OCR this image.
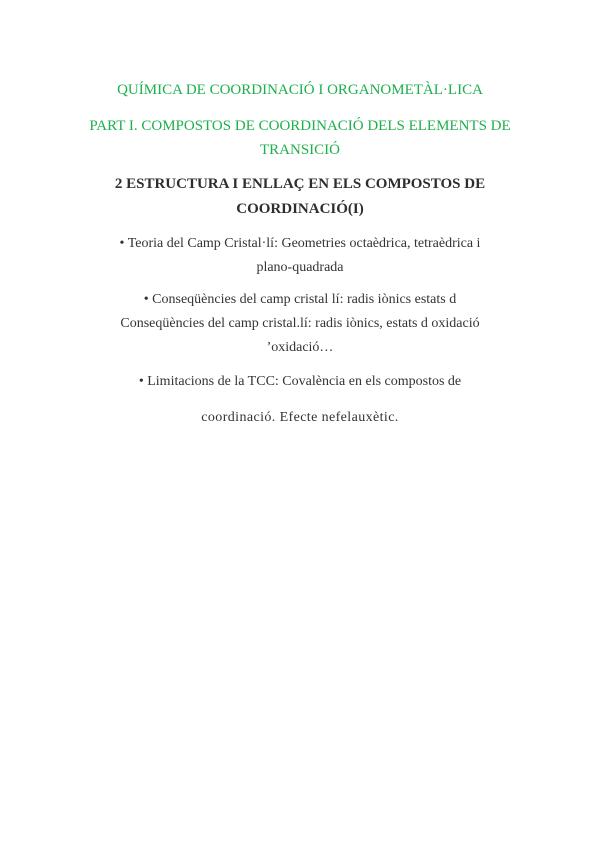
QUÍMICA DE COORDINACIÓ I ORGANOMETÀL·LICA
PART I. COMPOSTOS DE COORDINACIÓ DELS ELEMENTS DE
TRANSICIÓ
2 ESTRUCTURA I ENLLAÇ EN ELS COMPOSTOS DE
COORDINACIÓ(I)
• Teoria del Camp Cristal·lí: Geometries octaèdrica, tetraèdrica i
plano-quadrada
• Conseqüències del camp cristal lí: radis iònics estats d
Conseqüències del camp cristal.lí: radis iònics, estats d oxidació
’oxidació…
• Limitacions de la TCC: Covalència en els compostos de
coordinació. Efecte nefelauxètic.
